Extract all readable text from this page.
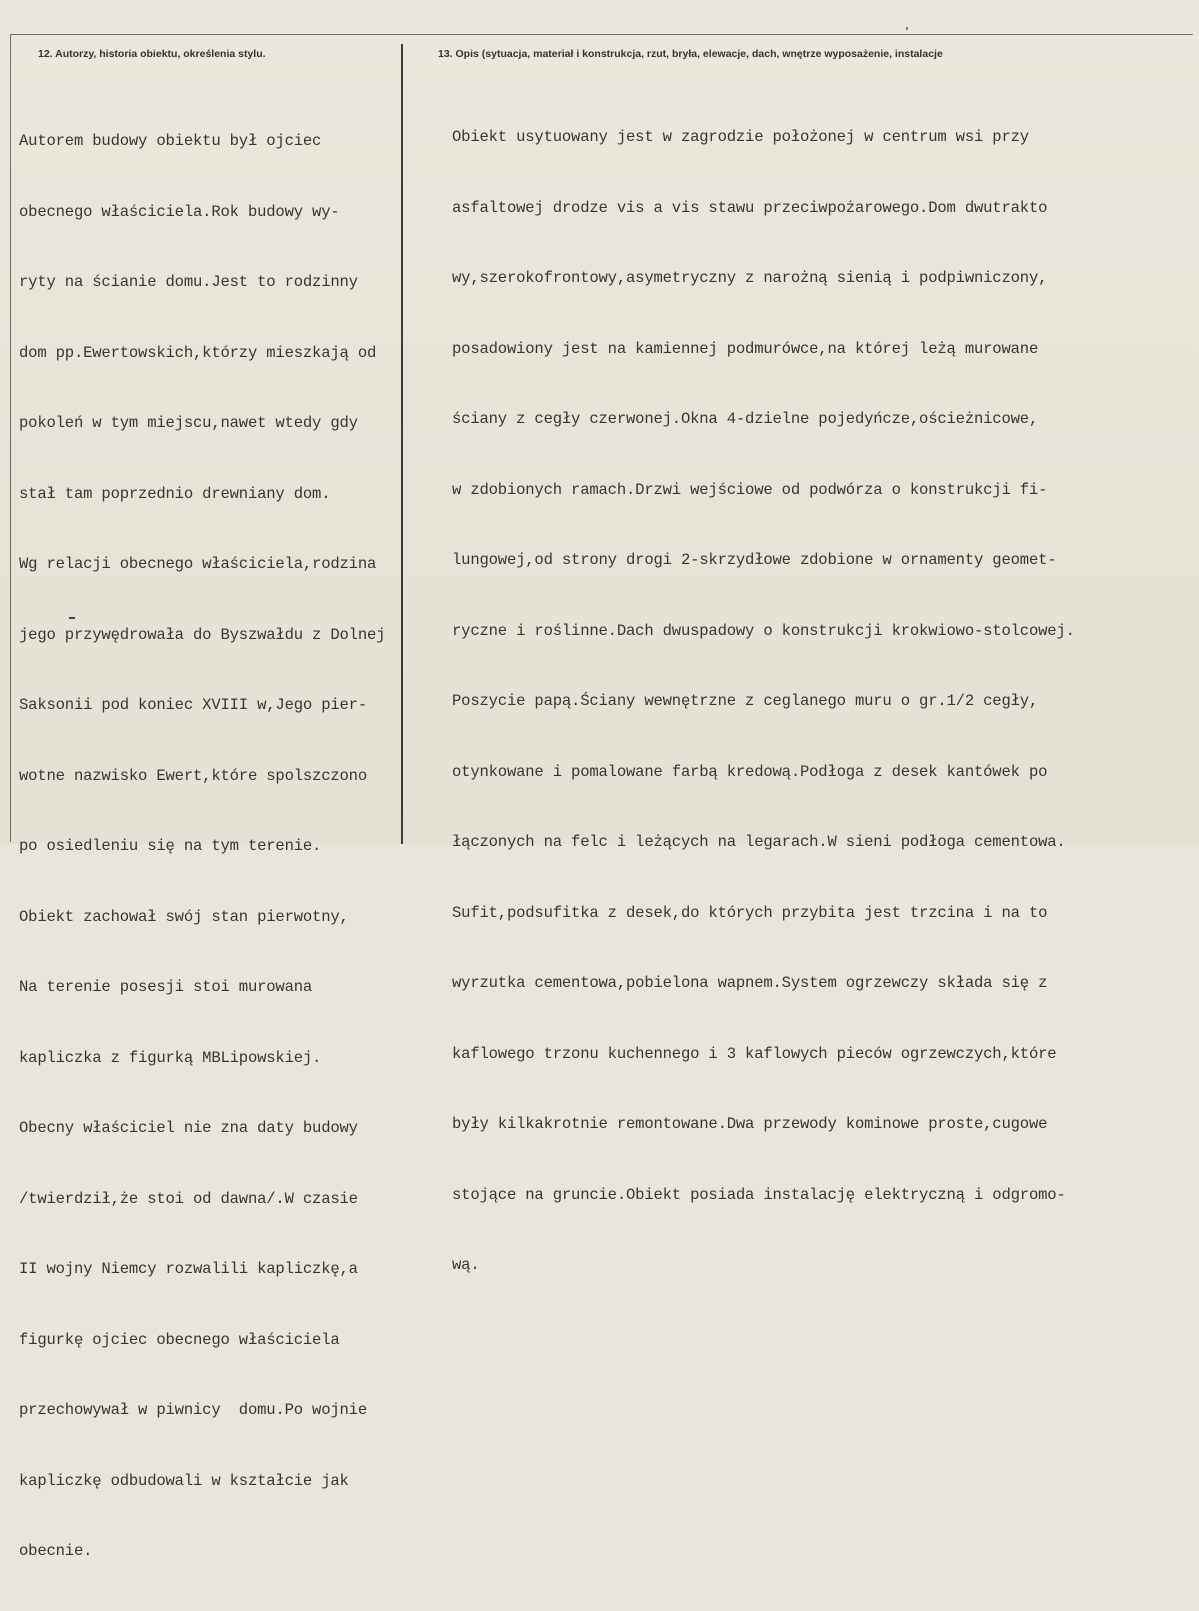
12. Autorzy, historia obiektu, określenia stylu.	13. Opis (sytuacja, materiał i konstrukcja, rzut, bryła, elewacje, dach, wnętrze wyposażenie, instalacje

Autorem budowy obiektu był ojciec

obecnego właściciela.Rok budowy wy-

ryty na ścianie domu.Jest to rodzinny

dom pp.Ewertowskich,którzy mieszkają od

pokoleń w tym miejscu,nawet wtedy gdy

stał tam poprzednio drewniany dom.

Wg relacji obecnego właściciela,rodzina

jego przywędrowała do Byszwałdu z Dolnej

Saksonii pod koniec XVIII w,Jego pier-

wotne nazwisko Ewert,które spolszczono

po osiedleniu się na tym terenie.

Obiekt zachował swój stan pierwotny,

Na terenie posesji stoi murowana

kapliczka z figurką MBLipowskiej.

Obecny właściciel nie zna daty budowy

/twierdził,że stoi od dawna/.W czasie

II wojny Niemcy rozwalili kapliczkę,a

figurkę ojciec obecnego właściciela

przechowywał w piwnicy  domu.Po wojnie

kapliczkę odbudowali w kształcie jak

obecnie.

Obiekt usytuowany jest w zagrodzie położonej w centrum wsi przy

asfaltowej drodze vis a vis stawu przeciwpożarowego.Dom dwutrakto

wy,szerokofrontowy,asymetryczny z narożną sienią i podpiwniczony,

posadowiony jest na kamiennej podmurówce,na której leżą murowane

ściany z cegły czerwonej.Okna 4-dzielne pojedyńcze,ościeżnicowe,

w zdobionych ramach.Drzwi wejściowe od podwórza o konstrukcji fi-

lungowej,od strony drogi 2-skrzydłowe zdobione w ornamenty geomet-

ryczne i roślinne.Dach dwuspadowy o konstrukcji krokwiowo-stolcowej.

Poszycie papą.Ściany wewnętrzne z ceglanego muru o gr.1/2 cegły,

otynkowane i pomalowane farbą kredową.Podłoga z desek kantówek po

łączonych na felc i leżących na legarach.W sieni podłoga cementowa.

Sufit,podsufitka z desek,do których przybita jest trzcina i na to

wyrzutka cementowa,pobielona wapnem.System ogrzewczy składa się z

kaflowego trzonu kuchennego i 3 kaflowych pieców ogrzewczych,które

były kilkakrotnie remontowane.Dwa przewody kominowe proste,cugowe

stojące na gruncie.Obiekt posiada instalację elektryczną i odgromo-

wą.
